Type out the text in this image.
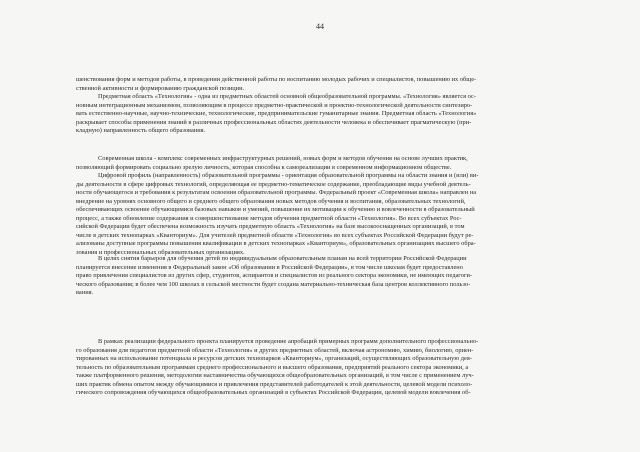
44
шенствования форм и методов работы, в проведении действенной работы по воспитанию молодых рабочих и специалистов, повышению их обще-
ственной активности и формированию гражданской позиции.
Предметная область «Технология» - одна из предметных областей основной общеобразовательной программы. «Технология» является ос-
новным интеграционным механизмом, позволяющим в процессе предметно-практической и проектно-технологической деятельности синтезиро-
вать естественно-научные, научно-технические, технологические, предпринимательские гуманитарные знания. Предметная область «Технология»
раскрывает способы применения знаний в различных профессиональных областях деятельности человека и обеспечивает прагматическую (при-
кладную) направленность общего образования.
Современная школа - комплекс современных инфраструктурных решений, новых форм и методов обучения на основе лучших практик,
позволяющий формировать социально зрелую личность, которая способна к самореализации в современном информационном обществе.
Цифровой профиль (направленность) образовательной программы - ориентация образовательной программы на области знания и (или) ви-
ды деятельности в сфере цифровых технологий, определяющая ее предметно-тематическое содержание, преобладающие виды учебной деятель-
ности обучающегося и требования к результатам освоения образовательной программы. Федеральный проект «Современная школа» направлен на
внедрение на уровнях основного общего и среднего общего образования новых методов обучения и воспитания, образовательных технологий,
обеспечивающих освоение обучающимися базовых навыков и умений, повышение их мотивации к обучению и вовлеченности в образовательный
процесс, а также обновление содержания и совершенствование методов обучения предметной области «Технология». Во всех субъектах Рос-
сийской Федерации будет обеспечена возможность изучать предметную область «Технология» на базе высокооснащенных организаций, в том
числе в детских технопарках «Кванториум». Для учителей предметной области «Технология» во всех субъектах Российской Федерации будут ре-
ализованы доступные программы повышения квалификации в детских технопарках «Кванториум», образовательных организациях высшего обра-
зования и профессиональных образовательных организациях.
В целях снятия барьеров для обучения детей по индивидуальным образовательным планам на всей территории Российской Федерации
планируется внесение изменения в Федеральный закон «Об образовании в Российской Федерации», в том числе школам будет предоставлено
право привлечения специалистов из других сфер, студентов, аспирантов и специалистов из реального сектора экономики, не имеющих педагоги-
ческого образования; в более чем 100 школах в сельской местности будет создана материально-техническая база центров коллективного пользо-
вания.
В рамках реализации федерального проекта планируется проведение апробаций примерных программ дополнительного профессионально-
го образования для педагогов предметной области «Технология» и других предметных областей, включая астрономию, химию, биологию, ориен-
тированных на использование потенциала и ресурсов детских технопарков «Кванториум», организаций, осуществляющих образовательную дея-
тельность по образовательным программам среднего профессионального и высшего образования, предприятий реального сектора экономики, а
также платформенного решения, методологии наставничества обучающихся общеобразовательных организаций, в том числе с применением луч-
ших практик обмена опытом между обучающимися и привлечения представителей работодателей к этой деятельности, целевой модели психоло-
гического сопровождения обучающихся общеобразовательных организаций в субъектах Российской Федерации, целевой модели вовлечения об-
